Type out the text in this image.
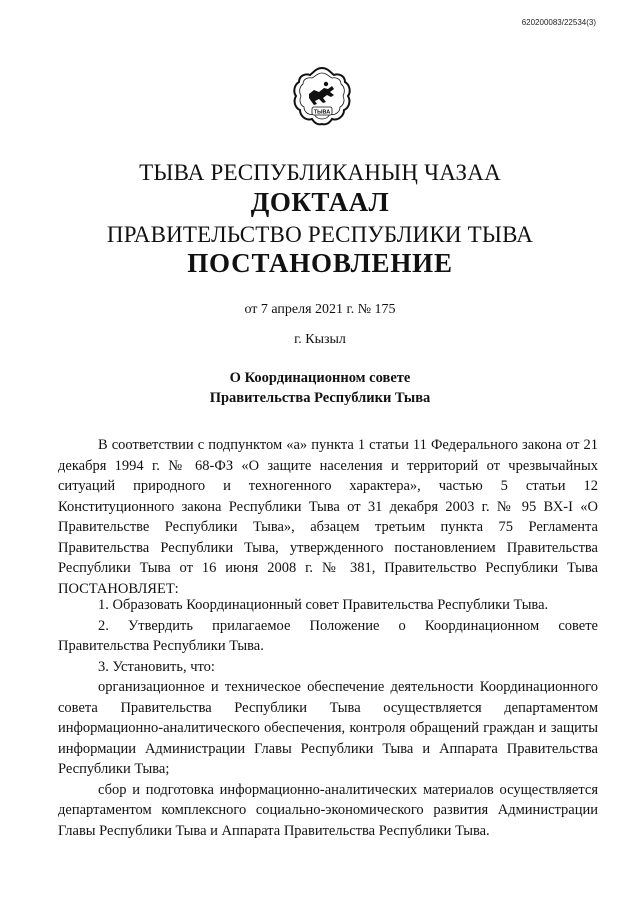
620200083/22534(3)
ТЫВА
ТЫВА РЕСПУБЛИКАНЫҢ ЧАЗАА
ДОКТААЛ
ПРАВИТЕЛЬСТВО РЕСПУБЛИКИ ТЫВА
ПОСТАНОВЛЕНИЕ
от 7 апреля 2021 г. № 175
г. Кызыл
О Координационном совете
Правительства Республики Тыва

В соответствии с подпунктом «а» пункта 1 статьи 11 Федерального закона от 21 декабря 1994 г. № 68-ФЗ «О защите населения и территорий от чрезвычайных ситуаций природного и техногенного характера», частью 5 статьи 12 Конституционного закона Республики Тыва от 31 декабря 2003 г. № 95 ВХ-I «О Правительстве Республики Тыва», абзацем третьим пункта 75 Регламента Правительства Республики Тыва, утвержденного постановлением Правительства Республики Тыва от 16 июня 2008 г. № 381, Правительство Республики Тыва ПОСТАНОВЛЯЕТ:

1. Образовать Координационный совет Правительства Республики Тыва.

2. Утвердить прилагаемое Положение о Координационном совете Правительства Республики Тыва.

3. Установить, что:

организационное и техническое обеспечение деятельности Координационного совета Правительства Республики Тыва осуществляется департаментом информационно-аналитического обеспечения, контроля обращений граждан и защиты информации Администрации Главы Республики Тыва и Аппарата Правительства Республики Тыва;

сбор и подготовка информационно-аналитических материалов осуществляется департаментом комплексного социально-экономического развития Администрации Главы Республики Тыва и Аппарата Правительства Республики Тыва.
